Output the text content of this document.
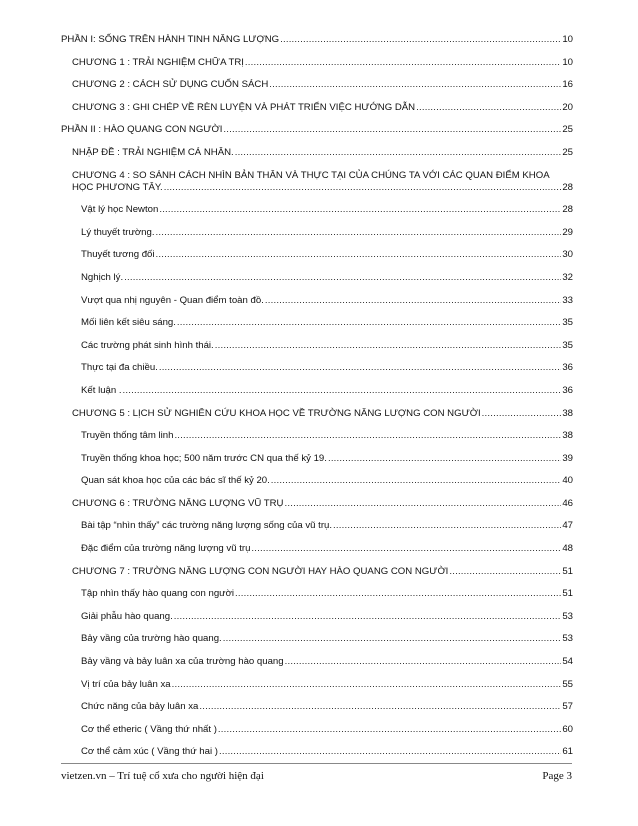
PHẦN I: SỐNG TRÊN HÀNH TINH NĂNG LƯỢNG .....	10
CHƯƠNG 1 : TRẢI NGHIỆM CHỮA TRỊ .....	10
CHƯƠNG 2 : CÁCH SỬ DỤNG CUỐN SÁCH .....	16
CHƯƠNG 3 : GHI CHÉP VỀ RÈN LUYỆN VÀ PHÁT TRIỂN VIỆC HƯỚNG DẪN .....	20
PHẦN II : HÀO QUANG CON NGƯỜI .....	25
NHẬP ĐỀ : TRẢI NGHIỆM CÁ NHÂN. .....	25
CHƯƠNG 4 : SO SÁNH CÁCH NHÌN BẢN THÂN VÀ THỰC TẠI CỦA CHÚNG TA VỚI CÁC QUAN ĐIỂM KHOA
HỌC PHƯƠNG TÂY. .....	28
Vật lý học Newton .....	28
Lý thuyết trường. .....	29
Thuyết tương đối .....	30
Nghịch lý. .....	32
Vượt qua nhị nguyên - Quan điểm toàn đồ. .....	33
Mối liên kết siêu sáng. .....	35
Các trường phát sinh hình thái. .....	35
Thực tại đa chiều. .....	36
Kết luận . .....	36
CHƯƠNG 5 : LỊCH SỬ NGHIÊN CỨU KHOA HỌC VỀ TRƯỜNG NĂNG LƯỢNG CON NGƯỜI .....	38
Truyền thống tâm linh .....	38
Truyền thống khoa học; 500 năm trước CN qua thế kỷ 19. .....	39
Quan sát khoa học của các bác sĩ thế kỷ 20. .....	40
CHƯƠNG 6 : TRƯỜNG NĂNG LƯỢNG VŨ TRỤ .....	46
Bài tập “nhìn thấy” các trường năng lượng sống của vũ trụ. .....	47
Đặc điểm của trường năng lượng vũ trụ .....	48
CHƯƠNG 7 : TRƯỜNG NĂNG LƯỢNG CON NGƯỜI HAY HÀO QUANG CON NGƯỜI .....	51
Tập nhìn thấy hào quang con người .....	51
Giải phẫu hào quang. .....	53
Bảy vầng của trường hào quang. .....	53
Bảy vầng và bảy luân xa của trường hào quang .....	54
Vị trí của bảy luân xa .....	55
Chức năng của bảy luân xa .....	57
Cơ thể etheric ( Vầng thứ nhất ) .....	60
Cơ thể cảm xúc ( Vầng thứ hai ) .....	61
vietzen.vn – Trí tuệ cổ xưa cho người hiện đại	Page 3
